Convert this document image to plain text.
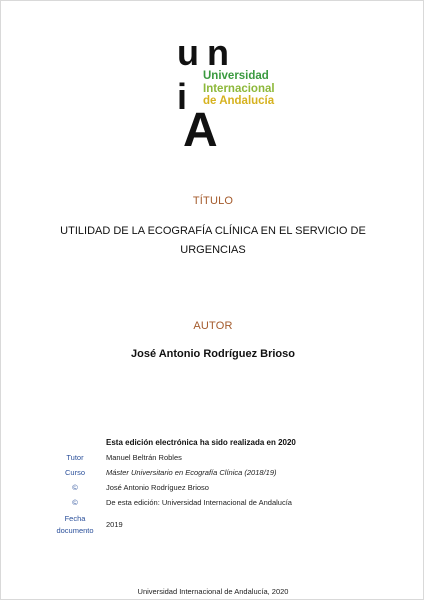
u n
i
A
Universidad
Internacional
de Andalucía
TÍTULO
UTILIDAD DE LA ECOGRAFÍA CLÍNICA EN EL SERVICIO DE
URGENCIAS
AUTOR
José Antonio Rodríguez Brioso
Esta edición electrónica ha sido realizada en 2020
Tutor
Curso
©
©
Fecha documento
Manuel Beltrán Robles
Máster Universitario en Ecografía Clínica (2018/19)
José Antonio Rodríguez Brioso
De esta edición: Universidad Internacional de Andalucía
2019
Universidad Internacional de Andalucía, 2020
